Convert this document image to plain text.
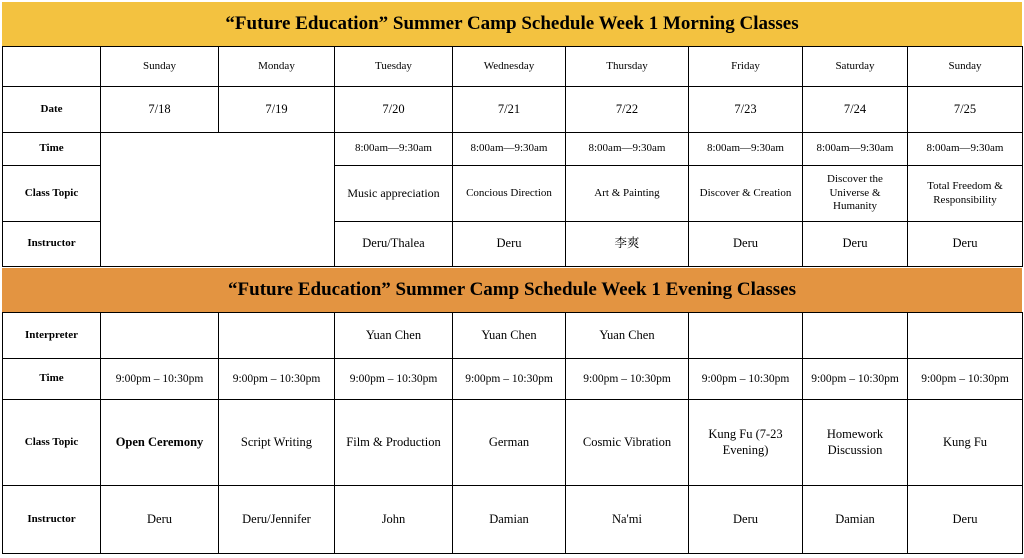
“Future Education” Summer Camp Schedule Week 1 Morning Classes
	Sunday	Monday	Tuesday	Wednesday	Thursday	Friday	Saturday	Sunday
Date	7/18	7/19	7/20	7/21	7/22	7/23	7/24	7/25
Time			8:00am—9:30am	8:00am—9:30am	8:00am—9:30am	8:00am—9:30am	8:00am—9:30am	8:00am—9:30am
Class Topic			Music appreciation	Concious Direction	Art & Painting	Discover & Creation	Discover the Universe & Humanity	Total Freedom & Responsibility
Instructor			Deru/Thalea	Deru	李爽	Deru	Deru	Deru
“Future Education” Summer Camp Schedule Week 1 Evening Classes
Interpreter			Yuan Chen	Yuan Chen	Yuan Chen			
Time	9:00pm – 10:30pm	9:00pm – 10:30pm	9:00pm – 10:30pm	9:00pm – 10:30pm	9:00pm – 10:30pm	9:00pm – 10:30pm	9:00pm – 10:30pm	9:00pm – 10:30pm
Class Topic	Open Ceremony	Script Writing	Film & Production	German	Cosmic Vibration	Kung Fu (7-23 Evening)	Homework Discussion	Kung Fu
Instructor	Deru	Deru/Jennifer	John	Damian	Na'mi	Deru	Damian	Deru
